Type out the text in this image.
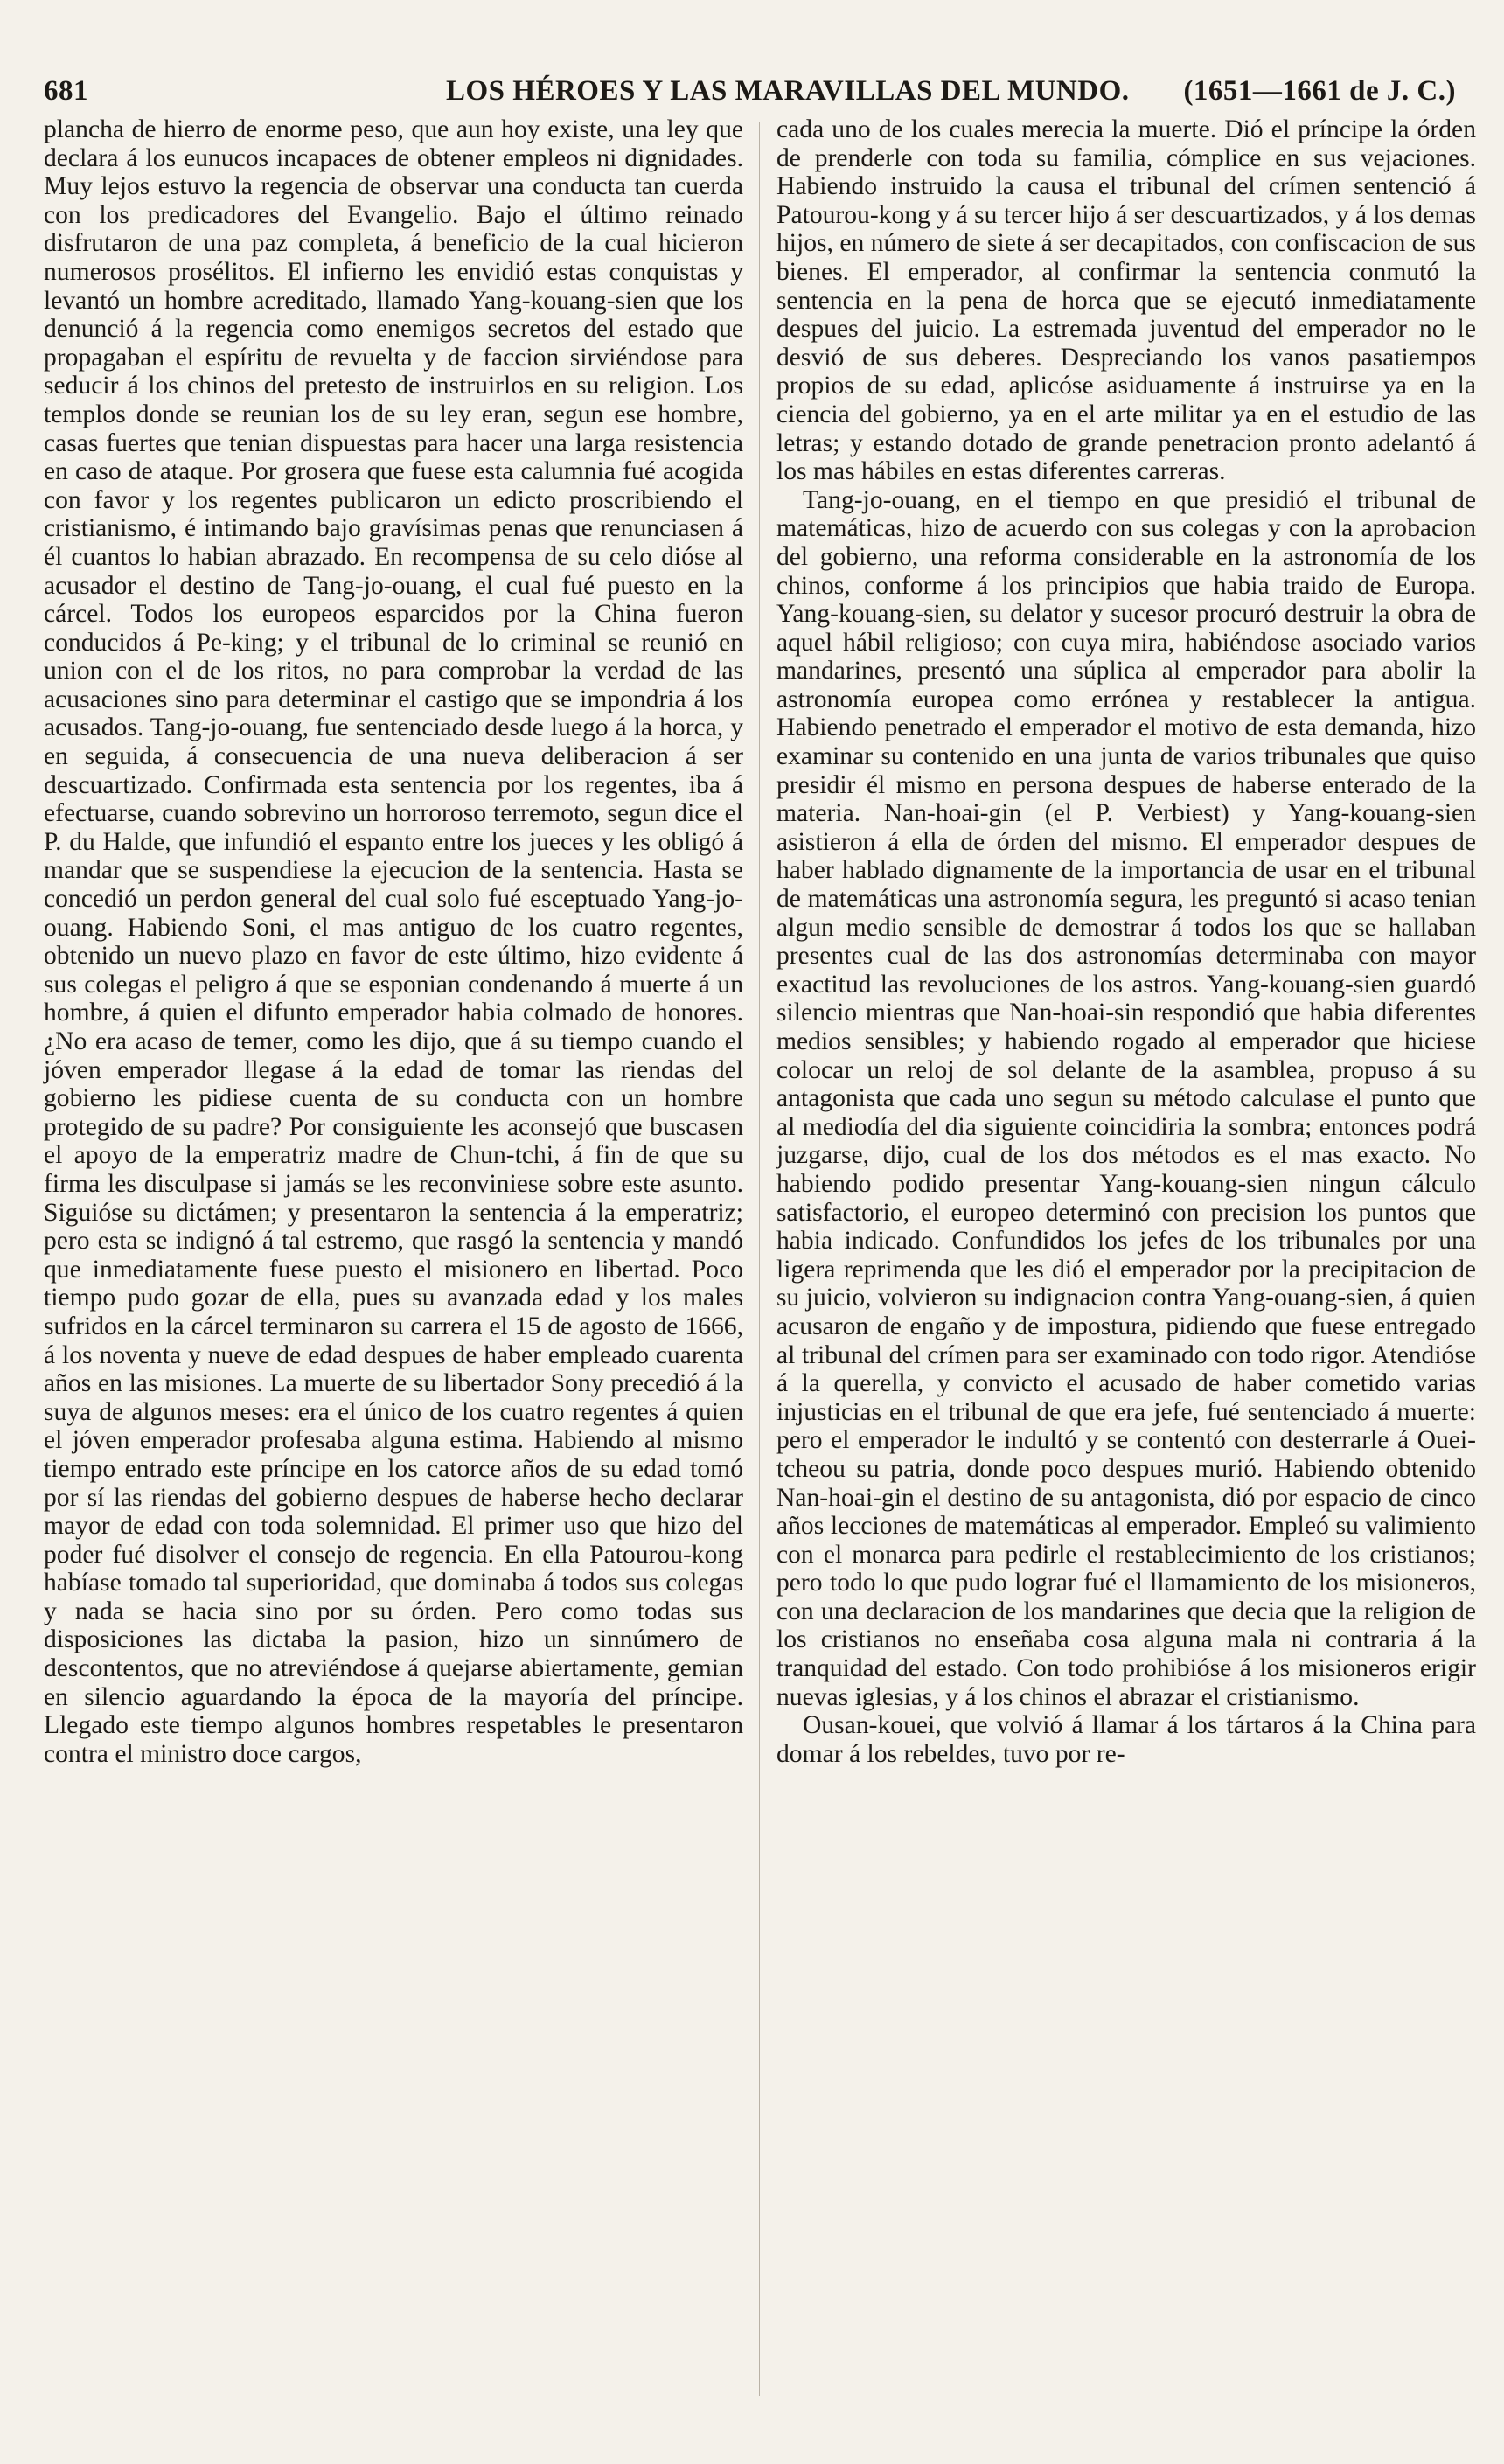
681	LOS HÉROES Y LAS MARAVILLAS DEL MUNDO. (1651—1661 de J. C.)

plancha de hierro de enorme peso, que aun hoy existe, una ley que declara á los eunucos incapaces de obtener empleos ni dignidades. Muy lejos estuvo la regencia de observar una conducta tan cuerda con los predicadores del Evangelio. Bajo el último reinado disfrutaron de una paz completa, á beneficio de la cual hicieron numerosos prosélitos. El infierno les envidió estas conquistas y levantó un hombre acreditado, llamado Yang-kouang-sien que los denunció á la regencia como enemigos secretos del estado que propagaban el espíritu de revuelta y de faccion sirviéndose para seducir á los chinos del pretesto de instruirlos en su religion. Los templos donde se reunian los de su ley eran, segun ese hombre, casas fuertes que tenian dispuestas para hacer una larga resistencia en caso de ataque. Por grosera que fuese esta calumnia fué acogida con favor y los regentes publicaron un edicto proscribiendo el cristianismo, é intimando bajo gravísimas penas que renunciasen á él cuantos lo habian abrazado. En recompensa de su celo dióse al acusador el destino de Tang-jo-ouang, el cual fué puesto en la cárcel. Todos los europeos esparcidos por la China fueron conducidos á Pe-king; y el tribunal de lo criminal se reunió en union con el de los ritos, no para comprobar la verdad de las acusaciones sino para determinar el castigo que se impondria á los acusados. Tang-jo-ouang, fue sentenciado desde luego á la horca, y en seguida, á consecuencia de una nueva deliberacion á ser descuartizado. Confirmada esta sentencia por los regentes, iba á efectuarse, cuando sobrevino un horroroso terremoto, segun dice el P. du Halde, que infundió el espanto entre los jueces y les obligó á mandar que se suspendiese la ejecucion de la sentencia. Hasta se concedió un perdon general del cual solo fué esceptuado Yang-jo-ouang. Habiendo Soni, el mas antiguo de los cuatro regentes, obtenido un nuevo plazo en favor de este último, hizo evidente á sus colegas el peligro á que se esponian condenando á muerte á un hombre, á quien el difunto emperador habia colmado de honores. ¿No era acaso de temer, como les dijo, que á su tiempo cuando el jóven emperador llegase á la edad de tomar las riendas del gobierno les pidiese cuenta de su conducta con un hombre protegido de su padre? Por consiguiente les aconsejó que buscasen el apoyo de la emperatriz madre de Chun-tchi, á fin de que su firma les disculpase si jamás se les reconviniese sobre este asunto. Siguióse su dictámen; y presentaron la sentencia á la emperatriz; pero esta se indignó á tal estremo, que rasgó la sentencia y mandó que inmediatamente fuese puesto el misionero en libertad. Poco tiempo pudo gozar de ella, pues su avanzada edad y los males sufridos en la cárcel terminaron su carrera el 15 de agosto de 1666, á los noventa y nueve de edad despues de haber empleado cuarenta años en las misiones. La muerte de su libertador Sony precedió á la suya de algunos meses: era el único de los cuatro regentes á quien el jóven emperador profesaba alguna estima. Habiendo al mismo tiempo entrado este príncipe en los catorce años de su edad tomó por sí las riendas del gobierno despues de haberse hecho declarar mayor de edad con toda solemnidad. El primer uso que hizo del poder fué disolver el consejo de regencia. En ella Patourou-kong habíase tomado tal superioridad, que dominaba á todos sus colegas y nada se hacia sino por su órden. Pero como todas sus disposiciones las dictaba la pasion, hizo un sinnúmero de descontentos, que no atreviéndose á quejarse abiertamente, gemian en silencio aguardando la época de la mayoría del príncipe. Llegado este tiempo algunos hombres respetables le presentaron contra el ministro doce cargos,

cada uno de los cuales merecia la muerte. Dió el príncipe la órden de prenderle con toda su familia, cómplice en sus vejaciones. Habiendo instruido la causa el tribunal del crímen sentenció á Patourou-kong y á su tercer hijo á ser descuartizados, y á los demas hijos, en número de siete á ser decapitados, con confiscacion de sus bienes. El emperador, al confirmar la sentencia conmutó la sentencia en la pena de horca que se ejecutó inmediatamente despues del juicio. La estremada juventud del emperador no le desvió de sus deberes. Despreciando los vanos pasatiempos propios de su edad, aplicóse asiduamente á instruirse ya en la ciencia del gobierno, ya en el arte militar ya en el estudio de las letras; y estando dotado de grande penetracion pronto adelantó á los mas hábiles en estas diferentes carreras.

Tang-jo-ouang, en el tiempo en que presidió el tribunal de matemáticas, hizo de acuerdo con sus colegas y con la aprobacion del gobierno, una reforma considerable en la astronomía de los chinos, conforme á los principios que habia traido de Europa. Yang-kouang-sien, su delator y sucesor procuró destruir la obra de aquel hábil religioso; con cuya mira, habiéndose asociado varios mandarines, presentó una súplica al emperador para abolir la astronomía europea como errónea y restablecer la antigua. Habiendo penetrado el emperador el motivo de esta demanda, hizo examinar su contenido en una junta de varios tribunales que quiso presidir él mismo en persona despues de haberse enterado de la materia. Nan-hoai-gin (el P. Verbiest) y Yang-kouang-sien asistieron á ella de órden del mismo. El emperador despues de haber hablado dignamente de la importancia de usar en el tribunal de matemáticas una astronomía segura, les preguntó si acaso tenian algun medio sensible de demostrar á todos los que se hallaban presentes cual de las dos astronomías determinaba con mayor exactitud las revoluciones de los astros. Yang-kouang-sien guardó silencio mientras que Nan-hoai-sin respondió que habia diferentes medios sensibles; y habiendo rogado al emperador que hiciese colocar un reloj de sol delante de la asamblea, propuso á su antagonista que cada uno segun su método calculase el punto que al mediodía del dia siguiente coincidiria la sombra; entonces podrá juzgarse, dijo, cual de los dos métodos es el mas exacto. No habiendo podido presentar Yang-kouang-sien ningun cálculo satisfactorio, el europeo determinó con precision los puntos que habia indicado. Confundidos los jefes de los tribunales por una ligera reprimenda que les dió el emperador por la precipitacion de su juicio, volvieron su indignacion contra Yang-ouang-sien, á quien acusaron de engaño y de impostura, pidiendo que fuese entregado al tribunal del crímen para ser examinado con todo rigor. Atendióse á la querella, y convicto el acusado de haber cometido varias injusticias en el tribunal de que era jefe, fué sentenciado á muerte: pero el emperador le indultó y se contentó con desterrarle á Ouei-tcheou su patria, donde poco despues murió. Habiendo obtenido Nan-hoai-gin el destino de su antagonista, dió por espacio de cinco años lecciones de matemáticas al emperador. Empleó su valimiento con el monarca para pedirle el restablecimiento de los cristianos; pero todo lo que pudo lograr fué el llamamiento de los misioneros, con una declaracion de los mandarines que decia que la religion de los cristianos no enseñaba cosa alguna mala ni contraria á la tranquidad del estado. Con todo prohibióse á los misioneros erigir nuevas iglesias, y á los chinos el abrazar el cristianismo.

Ousan-kouei, que volvió á llamar á los tártaros á la China para domar á los rebeldes, tuvo por re-
